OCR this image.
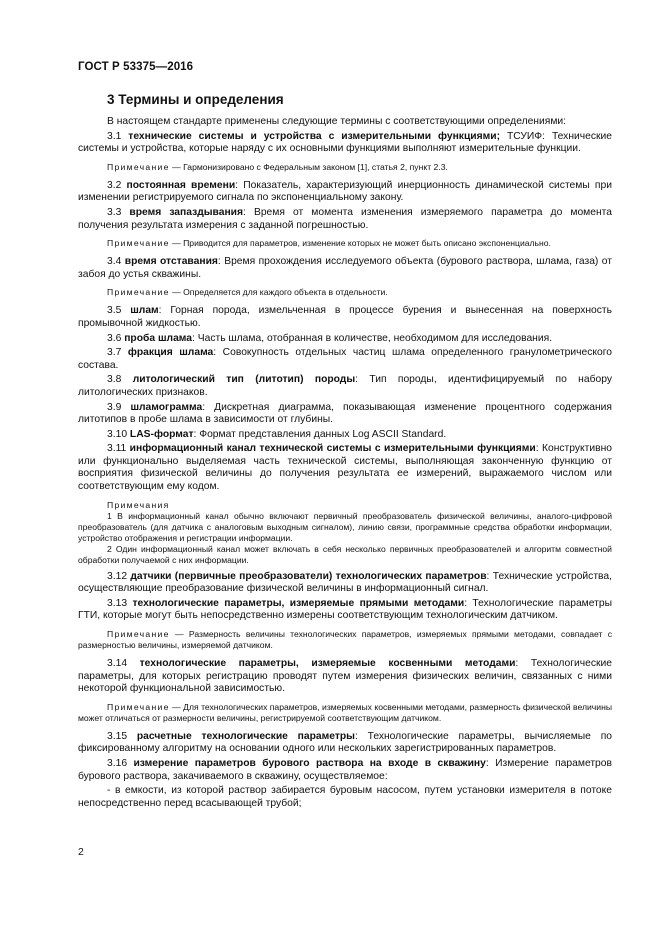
ГОСТ Р 53375—2016
3 Термины и определения

В настоящем стандарте применены следующие термины с соответствующими определениями:

3.1 технические системы и устройства с измерительными функциями; ТСУИФ: Технические системы и устройства, которые наряду с их основными функциями выполняют измерительные функции.

Примечание — Гармонизировано с Федеральным законом [1], статья 2, пункт 2.3.

3.2 постоянная времени: Показатель, характеризующий инерционность динамической системы при изменении регистрируемого сигнала по экспоненциальному закону.

3.3 время запаздывания: Время от момента изменения измеряемого параметра до момента получения результата измерения с заданной погрешностью.

Примечание — Приводится для параметров, изменение которых не может быть описано экспоненциально.

3.4 время отставания: Время прохождения исследуемого объекта (бурового раствора, шлама, газа) от забоя до устья скважины.

Примечание — Определяется для каждого объекта в отдельности.

3.5 шлам: Горная порода, измельченная в процессе бурения и вынесенная на поверхность промывочной жидкостью.

3.6 проба шлама: Часть шлама, отобранная в количестве, необходимом для исследования.

3.7 фракция шлама: Совокупность отдельных частиц шлама определенного гранулометрического состава.

3.8 литологический тип (литотип) породы: Тип породы, идентифицируемый по набору литологических признаков.

3.9 шламограмма: Дискретная диаграмма, показывающая изменение процентного содержания литотипов в пробе шлама в зависимости от глубины.

3.10 LAS-формат: Формат представления данных Log ASCII Standard.

3.11 информационный канал технической системы с измерительными функциями: Конструктивно или функционально выделяемая часть технической системы, выполняющая законченную функцию от восприятия физической величины до получения результата ее измерений, выражаемого числом или соответствующим ему кодом.

Примечания

1 В информационный канал обычно включают первичный преобразователь физической величины, аналого-цифровой преобразователь (для датчика с аналоговым выходным сигналом), линию связи, программные средства обработки информации, устройство отображения и регистрации информации.

2 Один информационный канал может включать в себя несколько первичных преобразователей и алгоритм совместной обработки получаемой с них информации.

3.12 датчики (первичные преобразователи) технологических параметров: Технические устройства, осуществляющие преобразование физической величины в информационный сигнал.

3.13 технологические параметры, измеряемые прямыми методами: Технологические параметры ГТИ, которые могут быть непосредственно измерены соответствующим технологическим датчиком.

Примечание — Размерность величины технологических параметров, измеряемых прямыми методами, совпадает с размерностью величины, измеряемой датчиком.

3.14 технологические параметры, измеряемые косвенными методами: Технологические параметры, для которых регистрацию проводят путем измерения физических величин, связанных с ними некоторой функциональной зависимостью.

Примечание — Для технологических параметров, измеряемых косвенными методами, размерность физической величины может отличаться от размерности величины, регистрируемой соответствующим датчиком.

3.15 расчетные технологические параметры: Технологические параметры, вычисляемые по фиксированному алгоритму на основании одного или нескольких зарегистрированных параметров.

3.16 измерение параметров бурового раствора на входе в скважину: Измерение параметров бурового раствора, закачиваемого в скважину, осуществляемое:

- в емкости, из которой раствор забирается буровым насосом, путем установки измерителя в потоке непосредственно перед всасывающей трубой;

2
